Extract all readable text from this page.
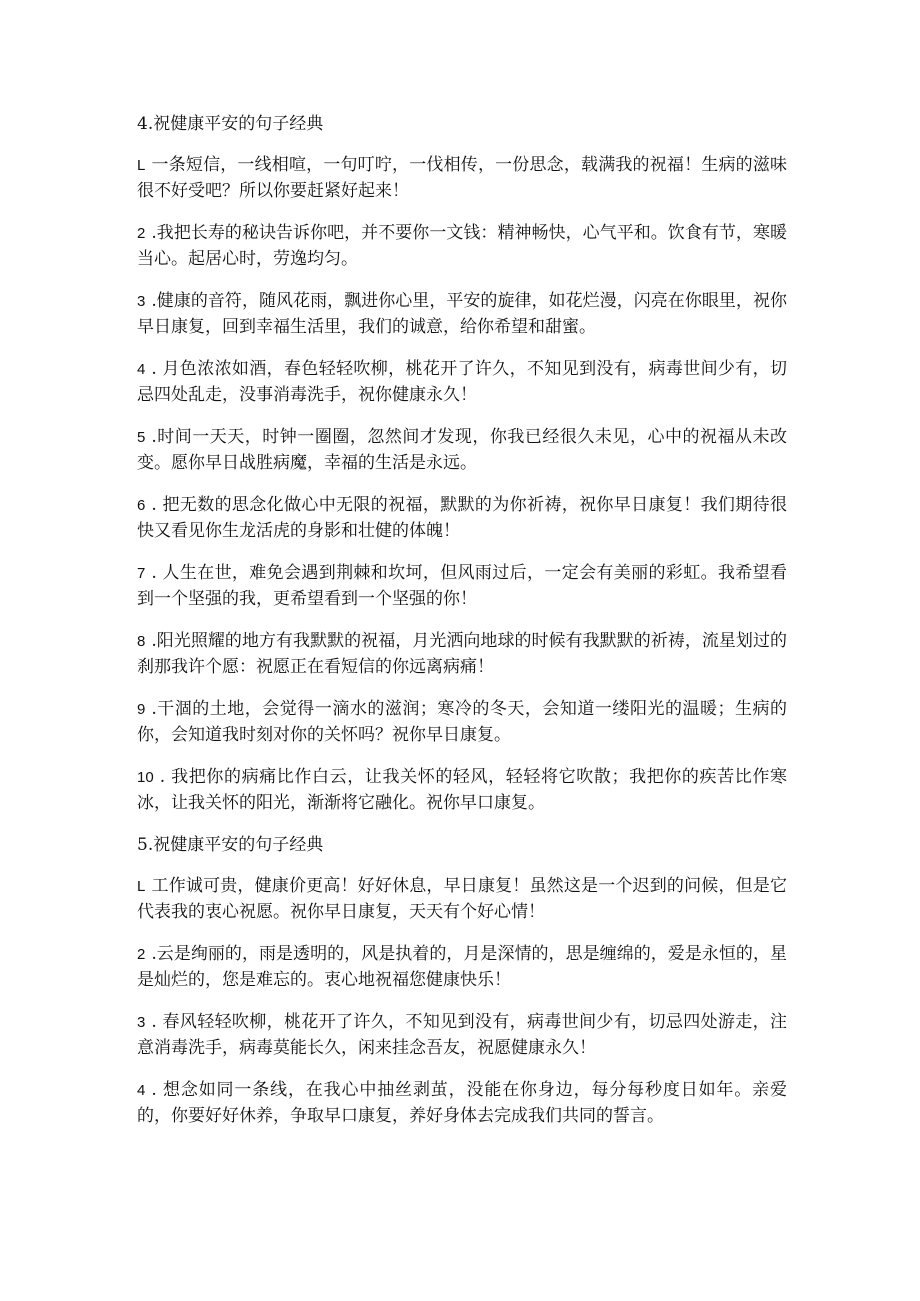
4.祝健康平安的句子经典

L 一条短信，一线相喧，一句叮咛，一伐相传，一份思念，载满我的祝福！生病的滋味很不好受吧？所以你要赶紧好起来！

2 .我把长寿的秘诀告诉你吧，并不要你一文钱：精神畅快，心气平和。饮食有节，寒暖当心。起居心时，劳逸均匀。

3 .健康的音符，随风花雨，飘进你心里，平安的旋律，如花烂漫，闪亮在你眼里，祝你早日康复，回到幸福生活里，我们的诚意，给你希望和甜蜜。

4 . 月色浓浓如酒，春色轻轻吹柳，桃花开了许久，不知见到没有，病毒世间少有，切忌四处乱走，没事消毒洗手，祝你健康永久！

5 .时间一天天，时钟一圈圈，忽然间才发现，你我已经很久未见，心中的祝福从未改变。愿你早日战胜病魔，幸福的生活是永远。

6 . 把无数的思念化做心中无限的祝福，默默的为你祈祷，祝你早日康复！我们期待很快又看见你生龙活虎的身影和壮健的体魄！

7 . 人生在世，难免会遇到荆棘和坎坷，但风雨过后，一定会有美丽的彩虹。我希望看到一个坚强的我，更希望看到一个坚强的你！

8 .阳光照耀的地方有我默默的祝福，月光洒向地球的时候有我默默的祈祷，流星划过的刹那我许个愿：祝愿正在看短信的你远离病痛！

9 .干涸的土地，会觉得一滴水的滋润；寒冷的冬天，会知道一缕阳光的温暖；生病的你，会知道我时刻对你的关怀吗？祝你早日康复。

10 . 我把你的病痛比作白云，让我关怀的轻风，轻轻将它吹散；我把你的疾苦比作寒冰，让我关怀的阳光，渐渐将它融化。祝你早口康复。

5.祝健康平安的句子经典

L 工作诚可贵，健康价更高！好好休息，早日康复！虽然这是一个迟到的问候，但是它代表我的衷心祝愿。祝你早日康复，天天有个好心情！

2 .云是绚丽的，雨是透明的，风是执着的，月是深情的，思是缠绵的，爱是永恒的，星是灿烂的，您是难忘的。衷心地祝福您健康快乐！

3 . 春风轻轻吹柳，桃花开了许久，不知见到没有，病毒世间少有，切忌四处游走，注意消毒洗手，病毒莫能长久，闲来挂念吾友，祝愿健康永久！

4 . 想念如同一条线，在我心中抽丝剥茧，没能在你身边，每分每秒度日如年。亲爱的，你要好好休养，争取早口康复，养好身体去完成我们共同的誓言。
